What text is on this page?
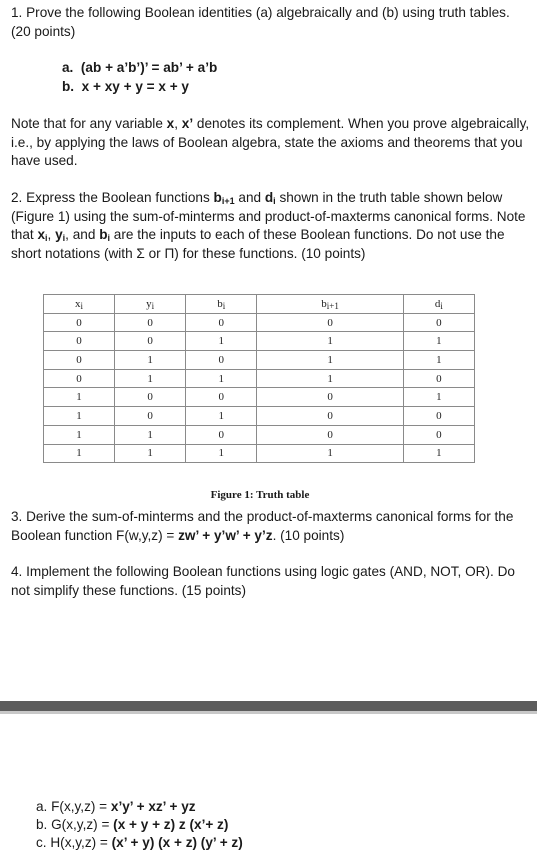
1. Prove the following Boolean identities (a) algebraically and (b) using truth tables. (20 points)
a. (ab + a’b’)’ = ab’ + a’b
b. x + xy + y = x + y
Note that for any variable x, x’ denotes its complement. When you prove algebraically, i.e., by applying the laws of Boolean algebra, state the axioms and theorems that you have used.
2. Express the Boolean functions $b_{i+1}$ and $d_i$ shown in the truth table shown below (Figure 1) using the sum-of-minterms and product-of-maxterms canonical forms. Note that $x_i$, $y_i$, and $b_i$ are the inputs to each of these Boolean functions. Do not use the short notations (with Σ or Π) for these functions. (10 points)
$x_i$	$y_i$	$b_i$	$b_{i+1}$	$d_i$
0	0	0	0	0
0	0	1	1	1
0	1	0	1	1
0	1	1	1	0
1	0	0	0	1
1	0	1	0	0
1	1	0	0	0
1	1	1	1	1
Figure 1: Truth table
3. Derive the sum-of-minterms and the product-of-maxterms canonical forms for the Boolean function F(w,y,z) = zw’ + y’w’ + y’z. (10 points)
4. Implement the following Boolean functions using logic gates (AND, NOT, OR). Do not simplify these functions. (15 points)
a. F(x,y,z) = x’y’ + xz’ + yz
b. G(x,y,z) = (x + y + z) z (x’+ z)
c. H(x,y,z) = (x’ + y) (x + z) (y’ + z)
